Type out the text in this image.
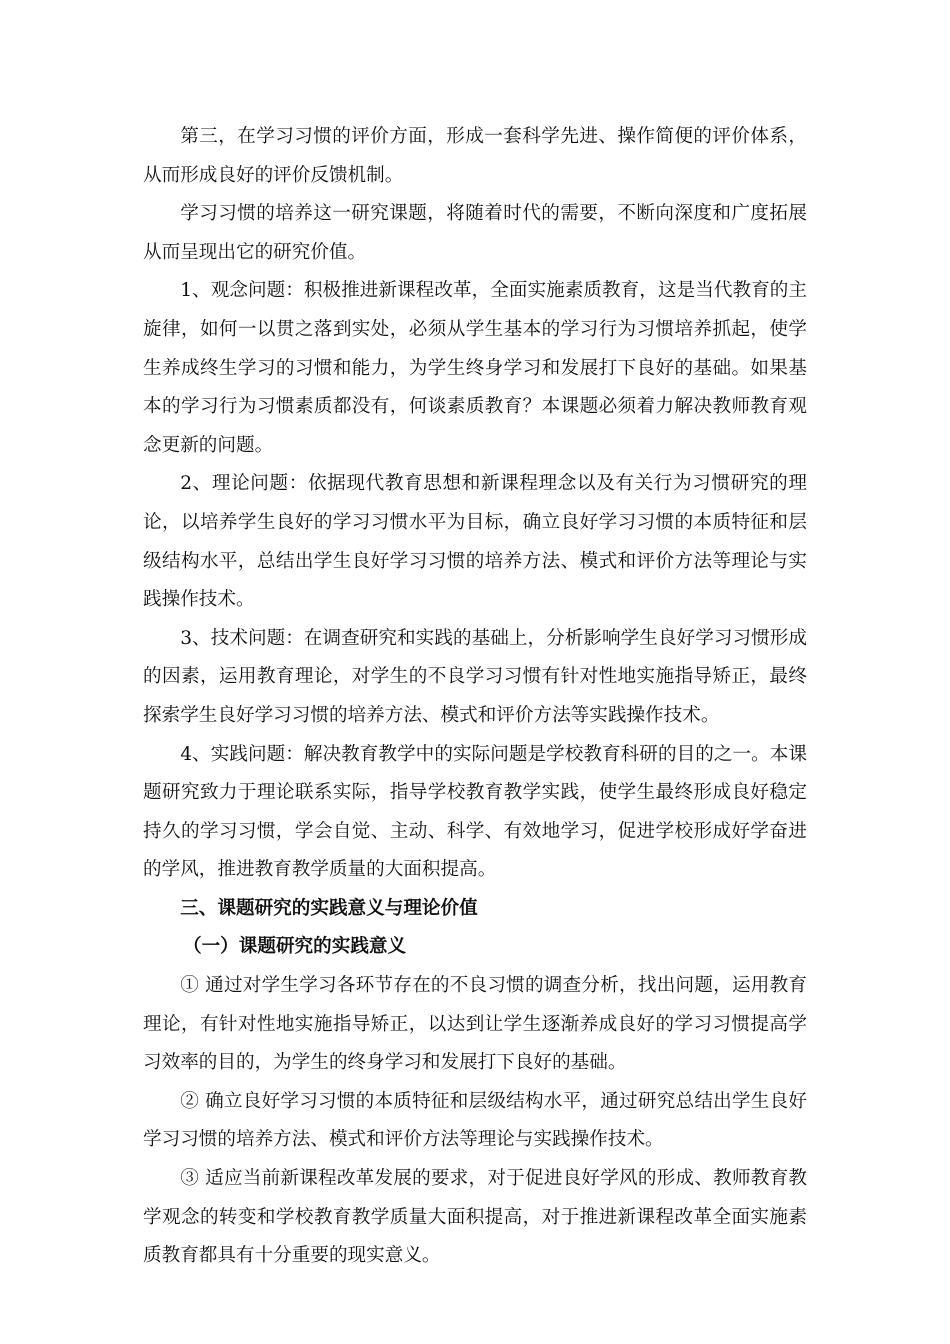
第三，在学习习惯的评价方面，形成一套科学先进、操作简便的评价体系，从而形成良好的评价反馈机制。

学习习惯的培养这一研究课题，将随着时代的需要，不断向深度和广度拓展从而呈现出它的研究价值。

1、观念问题：积极推进新课程改革，全面实施素质教育，这是当代教育的主旋律，如何一以贯之落到实处，必须从学生基本的学习行为习惯培养抓起，使学生养成终生学习的习惯和能力，为学生终身学习和发展打下良好的基础。如果基本的学习行为习惯素质都没有，何谈素质教育？本课题必须着力解决教师教育观念更新的问题。

2、理论问题：依据现代教育思想和新课程理念以及有关行为习惯研究的理论，以培养学生良好的学习习惯水平为目标，确立良好学习习惯的本质特征和层级结构水平，总结出学生良好学习习惯的培养方法、模式和评价方法等理论与实践操作技术。

3、技术问题：在调查研究和实践的基础上，分析影响学生良好学习习惯形成的因素，运用教育理论，对学生的不良学习习惯有针对性地实施指导矫正，最终探索学生良好学习习惯的培养方法、模式和评价方法等实践操作技术。

4、实践问题：解决教育教学中的实际问题是学校教育科研的目的之一。本课题研究致力于理论联系实际，指导学校教育教学实践，使学生最终形成良好稳定持久的学习习惯，学会自觉、主动、科学、有效地学习，促进学校形成好学奋进的学风，推进教育教学质量的大面积提高。

三、课题研究的实践意义与理论价值

（一）课题研究的实践意义

① 通过对学生学习各环节存在的不良习惯的调查分析，找出问题，运用教育理论，有针对性地实施指导矫正，以达到让学生逐渐养成良好的学习习惯提高学习效率的目的，为学生的终身学习和发展打下良好的基础。

② 确立良好学习习惯的本质特征和层级结构水平，通过研究总结出学生良好学习习惯的培养方法、模式和评价方法等理论与实践操作技术。

③ 适应当前新课程改革发展的要求，对于促进良好学风的形成、教师教育教学观念的转变和学校教育教学质量大面积提高，对于推进新课程改革全面实施素质教育都具有十分重要的现实意义。
